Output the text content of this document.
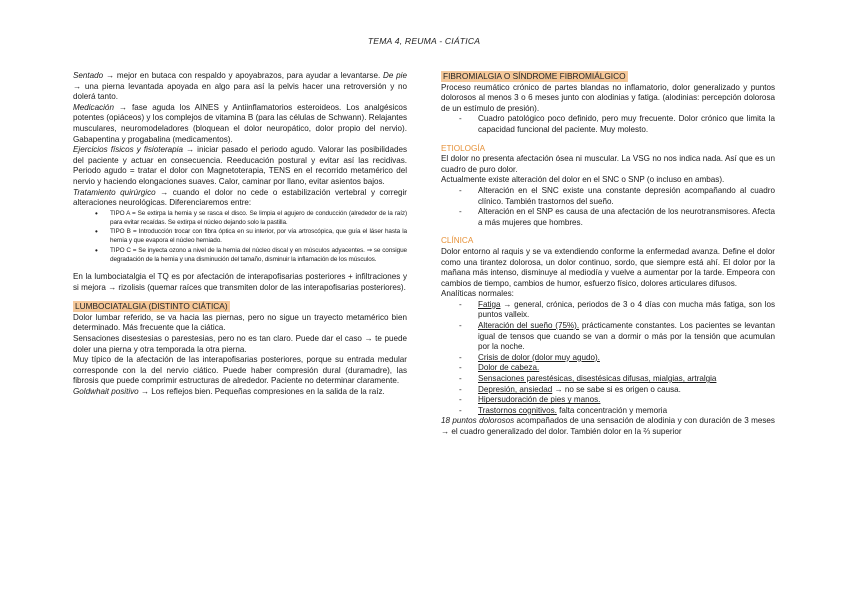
TEMA 4, REUMA - CIÁTICA

Sentado → mejor en butaca con respaldo y apoyabrazos, para ayudar a levantarse. De pie → una pierna levantada apoyada en algo para así la pelvis hacer una retroversión y no dolerá tanto.

Medicación → fase aguda los AINES y Antiinflamatorios esteroideos. Los analgésicos potentes (opiáceos) y los complejos de vitamina B (para las células de Schwann). Relajantes musculares, neuromodeladores (bloquean el dolor neuropático, dolor propio del nervio). Gabapentina y progabalina (medicamentos).

Ejercicios físicos y fisioterapia → iniciar pasado el periodo agudo. Valorar las posibilidades del paciente y actuar en consecuencia. Reeducación postural y evitar así las recidivas. Periodo agudo = tratar el dolor con Magnetoterapia, TENS en el recorrido metamérico del nervio y haciendo elongaciones suaves. Calor, caminar por llano, evitar asientos bajos.

Tratamiento quirúrgico → cuando el dolor no cede o estabilización vertebral y corregir alteraciones neurológicas. Diferenciaremos entre:

• TIPO A = Se extirpa la hernia y se rasca el disco. Se limpia el agujero de conducción (alrededor de la raíz) para evitar recaídas. Se extirpa el núcleo dejando solo la pastilla.
• TIPO B = Introducción trocar con fibra óptica en su interior, por vía artroscópica, que guía el láser hasta la hernia y que evapora el núcleo herniado.
• TIPO C = Se inyecta ozono a nivel de la hernia del núcleo discal y en músculos adyacentes. ⇒ se consigue degradación de la hernia y una disminución del tamaño, disminuir la inflamación de los músculos.

En la lumbociatalgia el TQ es por afectación de interapofisarias posteriores + infiltraciones y si mejora → rizolisis (quemar raíces que transmiten dolor de las interapofisarias posteriores).

LUMBOCIATALGIA (DISTINTO CIÁTICA)

Dolor lumbar referido, se va hacia las piernas, pero no sigue un trayecto metamérico bien determinado. Más frecuente que la ciática.

Sensaciones disestesias o parestesias, pero no es tan claro. Puede dar el caso → te puede doler una pierna y otra temporada la otra pierna.

Muy típico de la afectación de las interapofisarias posteriores, porque su entrada medular corresponde con la del nervio ciático. Puede haber compresión dural (duramadre), las fibrosis que puede comprimir estructuras de alrededor. Paciente no determinar claramente.

Goldwhait positivo → Los reflejos bien. Pequeñas compresiones en la salida de la raíz.

FIBROMIALGIA O SÍNDROME FIBROMIÁLGICO

Proceso reumático crónico de partes blandas no inflamatorio, dolor generalizado y puntos dolorosos al menos 3 o 6 meses junto con alodinias y fatiga. (alodinias: percepción dolorosa de un estímulo de presión).

- Cuadro patológico poco definido, pero muy frecuente. Dolor crónico que limita la capacidad funcional del paciente. Muy molesto.
ETIOLOGÍA

El dolor no presenta afectación ósea ni muscular. La VSG no nos indica nada. Así que es un cuadro de puro dolor.

Actualmente existe alteración del dolor en el SNC o SNP (o incluso en ambas).

- Alteración en el SNC existe una constante depresión acompañando al cuadro clínico. También trastornos del sueño.
- Alteración en el SNP es causa de una afectación de los neurotransmisores. Afecta a más mujeres que hombres.
CLÍNICA

Dolor entorno al raquis y se va extendiendo conforme la enfermedad avanza. Define el dolor como una tirantez dolorosa, un dolor continuo, sordo, que siempre está ahí. El dolor por la mañana más intenso, disminuye al mediodía y vuelve a aumentar por la tarde. Empeora con cambios de tiempo, cambios de humor, esfuerzo físico, dolores articulares difusos.

Analíticas normales:

- Fatiga → general, crónica, periodos de 3 o 4 días con mucha más fatiga, son los puntos valleix.
- Alteración del sueño (75%). prácticamente constantes. Los pacientes se levantan igual de tensos que cuando se van a dormir o más por la tensión que acumulan por la noche.
- Crisis de dolor (dolor muy agudo).
- Dolor de cabeza.
- Sensaciones parestésicas, disestésicas difusas, mialgias, artralgia
- Depresión, ansiedad → no se sabe si es origen o causa.
- Hipersudoración de pies y manos.
- Trastornos cognitivos. falta concentración y memoria

18 puntos dolorosos acompañados de una sensación de alodinia y con duración de 3 meses → el cuadro generalizado del dolor. También dolor en la ⅔ superior
